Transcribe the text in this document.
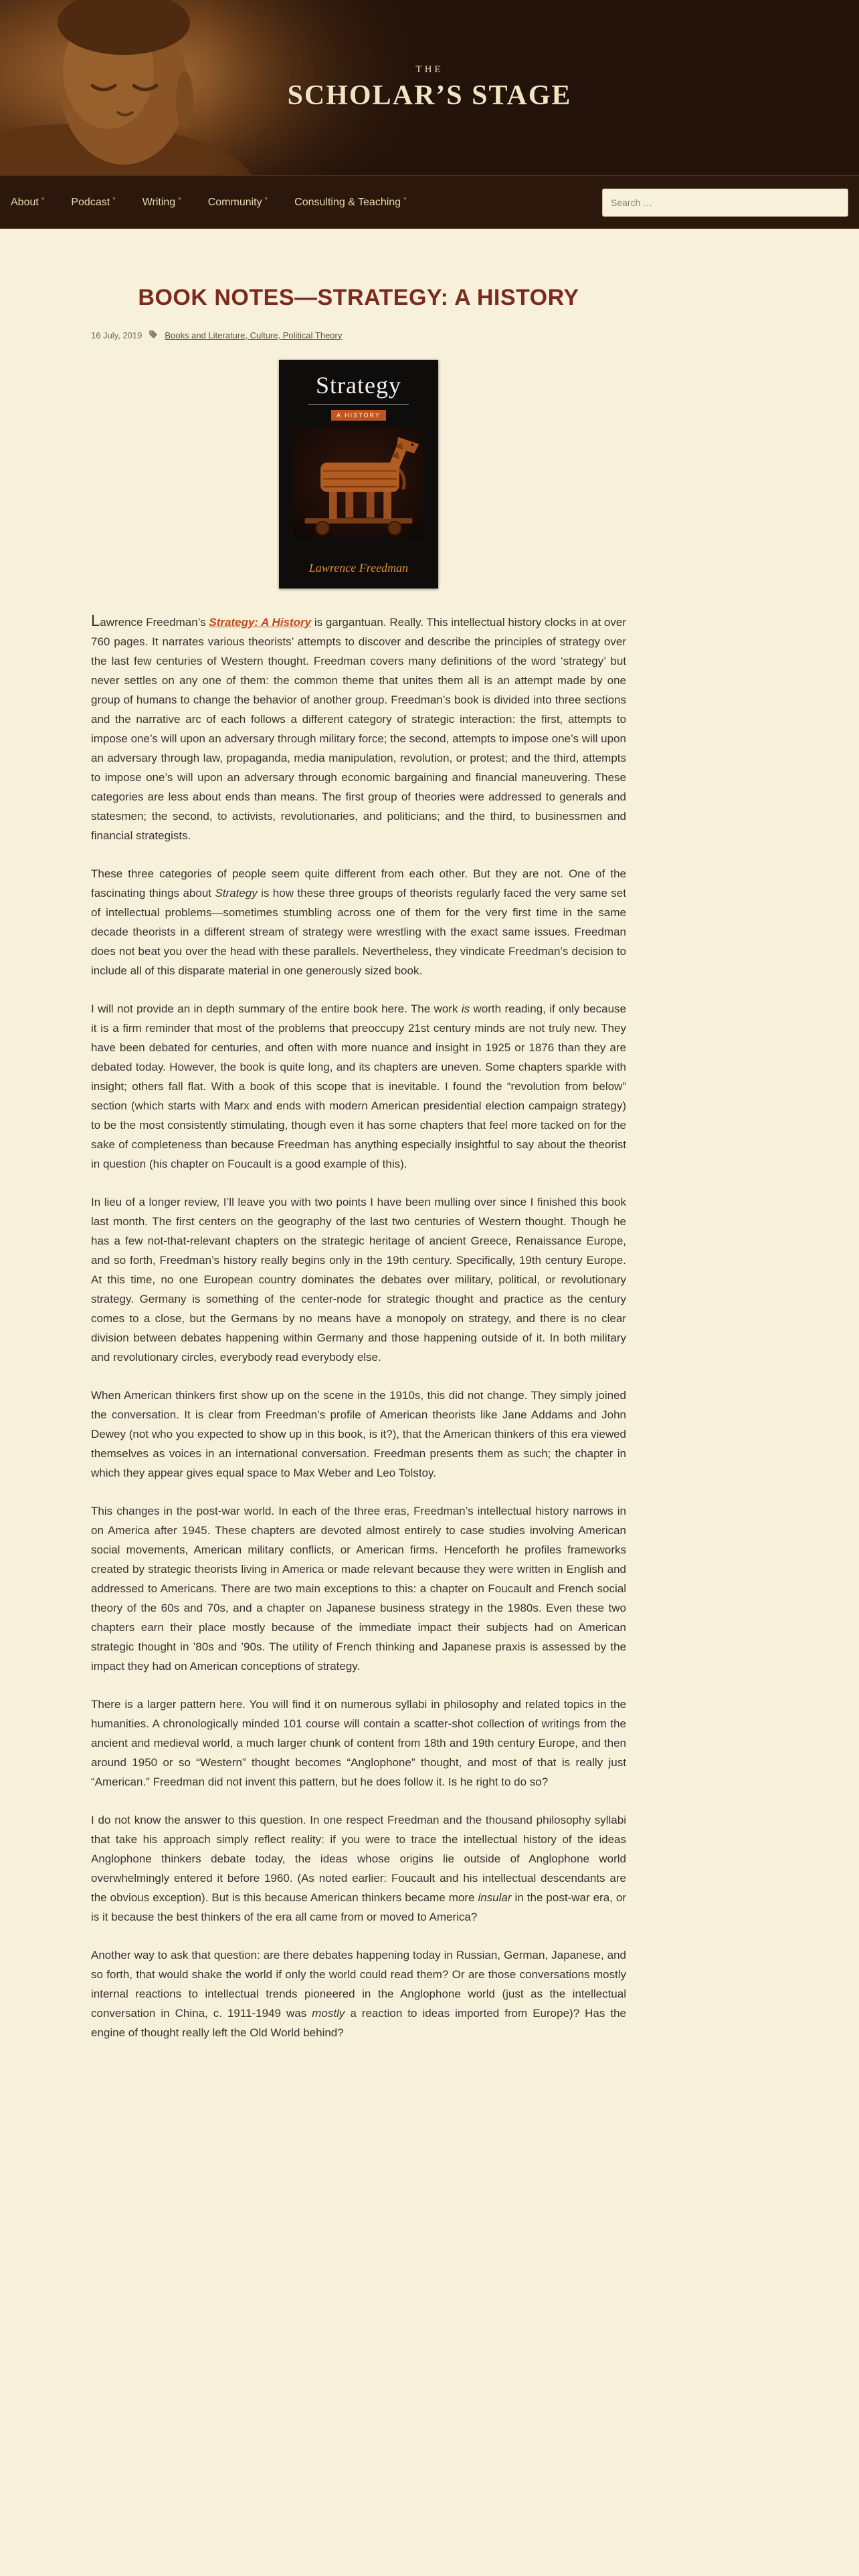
THE
SCHOLAR’S STAGE
About ▾	Podcast ▾	Writing ▾	Community ▾	Consulting & Teaching ▾
Search …
BOOK NOTES—STRATEGY: A HISTORY
16 July, 2019	Books and Literature , Culture , Political Theory
Strategy
A HISTORY
Lawrence Freedman

Lawrence Freedman’s Strategy: A History is gargantuan. Really. This intellectual history clocks in at over 760 pages. It narrates various theorists’ attempts to discover and describe the principles of strategy over the last few centuries of Western thought. Freedman covers many definitions of the word ‘strategy’ but never settles on any one of them: the common theme that unites them all is an attempt made by one group of humans to change the behavior of another group. Freedman’s book is divided into three sections and the narrative arc of each follows a different category of strategic interaction: the first, attempts to impose one’s will upon an adversary through military force; the second, attempts to impose one’s will upon an adversary through law, propaganda, media manipulation, revolution, or protest; and the third, attempts to impose one’s will upon an adversary through economic bargaining and financial maneuvering. These categories are less about ends than means. The first group of theories were addressed to generals and statesmen; the second, to activists, revolutionaries, and politicians; and the third, to businessmen and financial strategists.

These three categories of people seem quite different from each other. But they are not. One of the fascinating things about Strategy is how these three groups of theorists regularly faced the very same set of intellectual problems—sometimes stumbling across one of them for the very first time in the same decade theorists in a different stream of strategy were wrestling with the exact same issues. Freedman does not beat you over the head with these parallels. Nevertheless, they vindicate Freedman’s decision to include all of this disparate material in one generously sized book.

I will not provide an in depth summary of the entire book here. The work is worth reading, if only because it is a firm reminder that most of the problems that preoccupy 21st century minds are not truly new. They have been debated for centuries, and often with more nuance and insight in 1925 or 1876 than they are debated today. However, the book is quite long, and its chapters are uneven. Some chapters sparkle with insight; others fall flat. With a book of this scope that is inevitable. I found the “revolution from below” section (which starts with Marx and ends with modern American presidential election campaign strategy) to be the most consistently stimulating, though even it has some chapters that feel more tacked on for the sake of completeness than because Freedman has anything especially insightful to say about the theorist in question (his chapter on Foucault is a good example of this).

In lieu of a longer review, I’ll leave you with two points I have been mulling over since I finished this book last month. The first centers on the geography of the last two centuries of Western thought. Though he has a few not-that-relevant chapters on the strategic heritage of ancient Greece, Renaissance Europe, and so forth, Freedman’s history really begins only in the 19th century. Specifically, 19th century Europe. At this time, no one European country dominates the debates over military, political, or revolutionary strategy. Germany is something of the center-node for strategic thought and practice as the century comes to a close, but the Germans by no means have a monopoly on strategy, and there is no clear division between debates happening within Germany and those happening outside of it. In both military and revolutionary circles, everybody read everybody else.

When American thinkers first show up on the scene in the 1910s, this did not change. They simply joined the conversation. It is clear from Freedman’s profile of American theorists like Jane Addams and John Dewey (not who you expected to show up in this book, is it?), that the American thinkers of this era viewed themselves as voices in an international conversation. Freedman presents them as such; the chapter in which they appear gives equal space to Max Weber and Leo Tolstoy.

This changes in the post-war world. In each of the three eras, Freedman’s intellectual history narrows in on America after 1945. These chapters are devoted almost entirely to case studies involving American social movements, American military conflicts, or American firms. Henceforth he profiles frameworks created by strategic theorists living in America or made relevant because they were written in English and addressed to Americans. There are two main exceptions to this: a chapter on Foucault and French social theory of the 60s and 70s, and a chapter on Japanese business strategy in the 1980s. Even these two chapters earn their place mostly because of the immediate impact their subjects had on American strategic thought in ’80s and ’90s. The utility of French thinking and Japanese praxis is assessed by the impact they had on American conceptions of strategy.

There is a larger pattern here. You will find it on numerous syllabi in philosophy and related topics in the humanities. A chronologically minded 101 course will contain a scatter-shot collection of writings from the ancient and medieval world, a much larger chunk of content from 18th and 19th century Europe, and then around 1950 or so “Western” thought becomes “Anglophone” thought, and most of that is really just “American.” Freedman did not invent this pattern, but he does follow it. Is he right to do so?

I do not know the answer to this question. In one respect Freedman and the thousand philosophy syllabi that take his approach simply reflect reality: if you were to trace the intellectual history of the ideas Anglophone thinkers debate today, the ideas whose origins lie outside of Anglophone world overwhelmingly entered it before 1960. (As noted earlier: Foucault and his intellectual descendants are the obvious exception). But is this because American thinkers became more insular in the post-war era, or is it because the best thinkers of the era all came from or moved to America?

Another way to ask that question: are there debates happening today in Russian, German, Japanese, and so forth, that would shake the world if only the world could read them? Or are those conversations mostly internal reactions to intellectual trends pioneered in the Anglophone world (just as the intellectual conversation in China, c. 1911-1949 was mostly a reaction to ideas imported from Europe)? Has the engine of thought really left the Old World behind?
